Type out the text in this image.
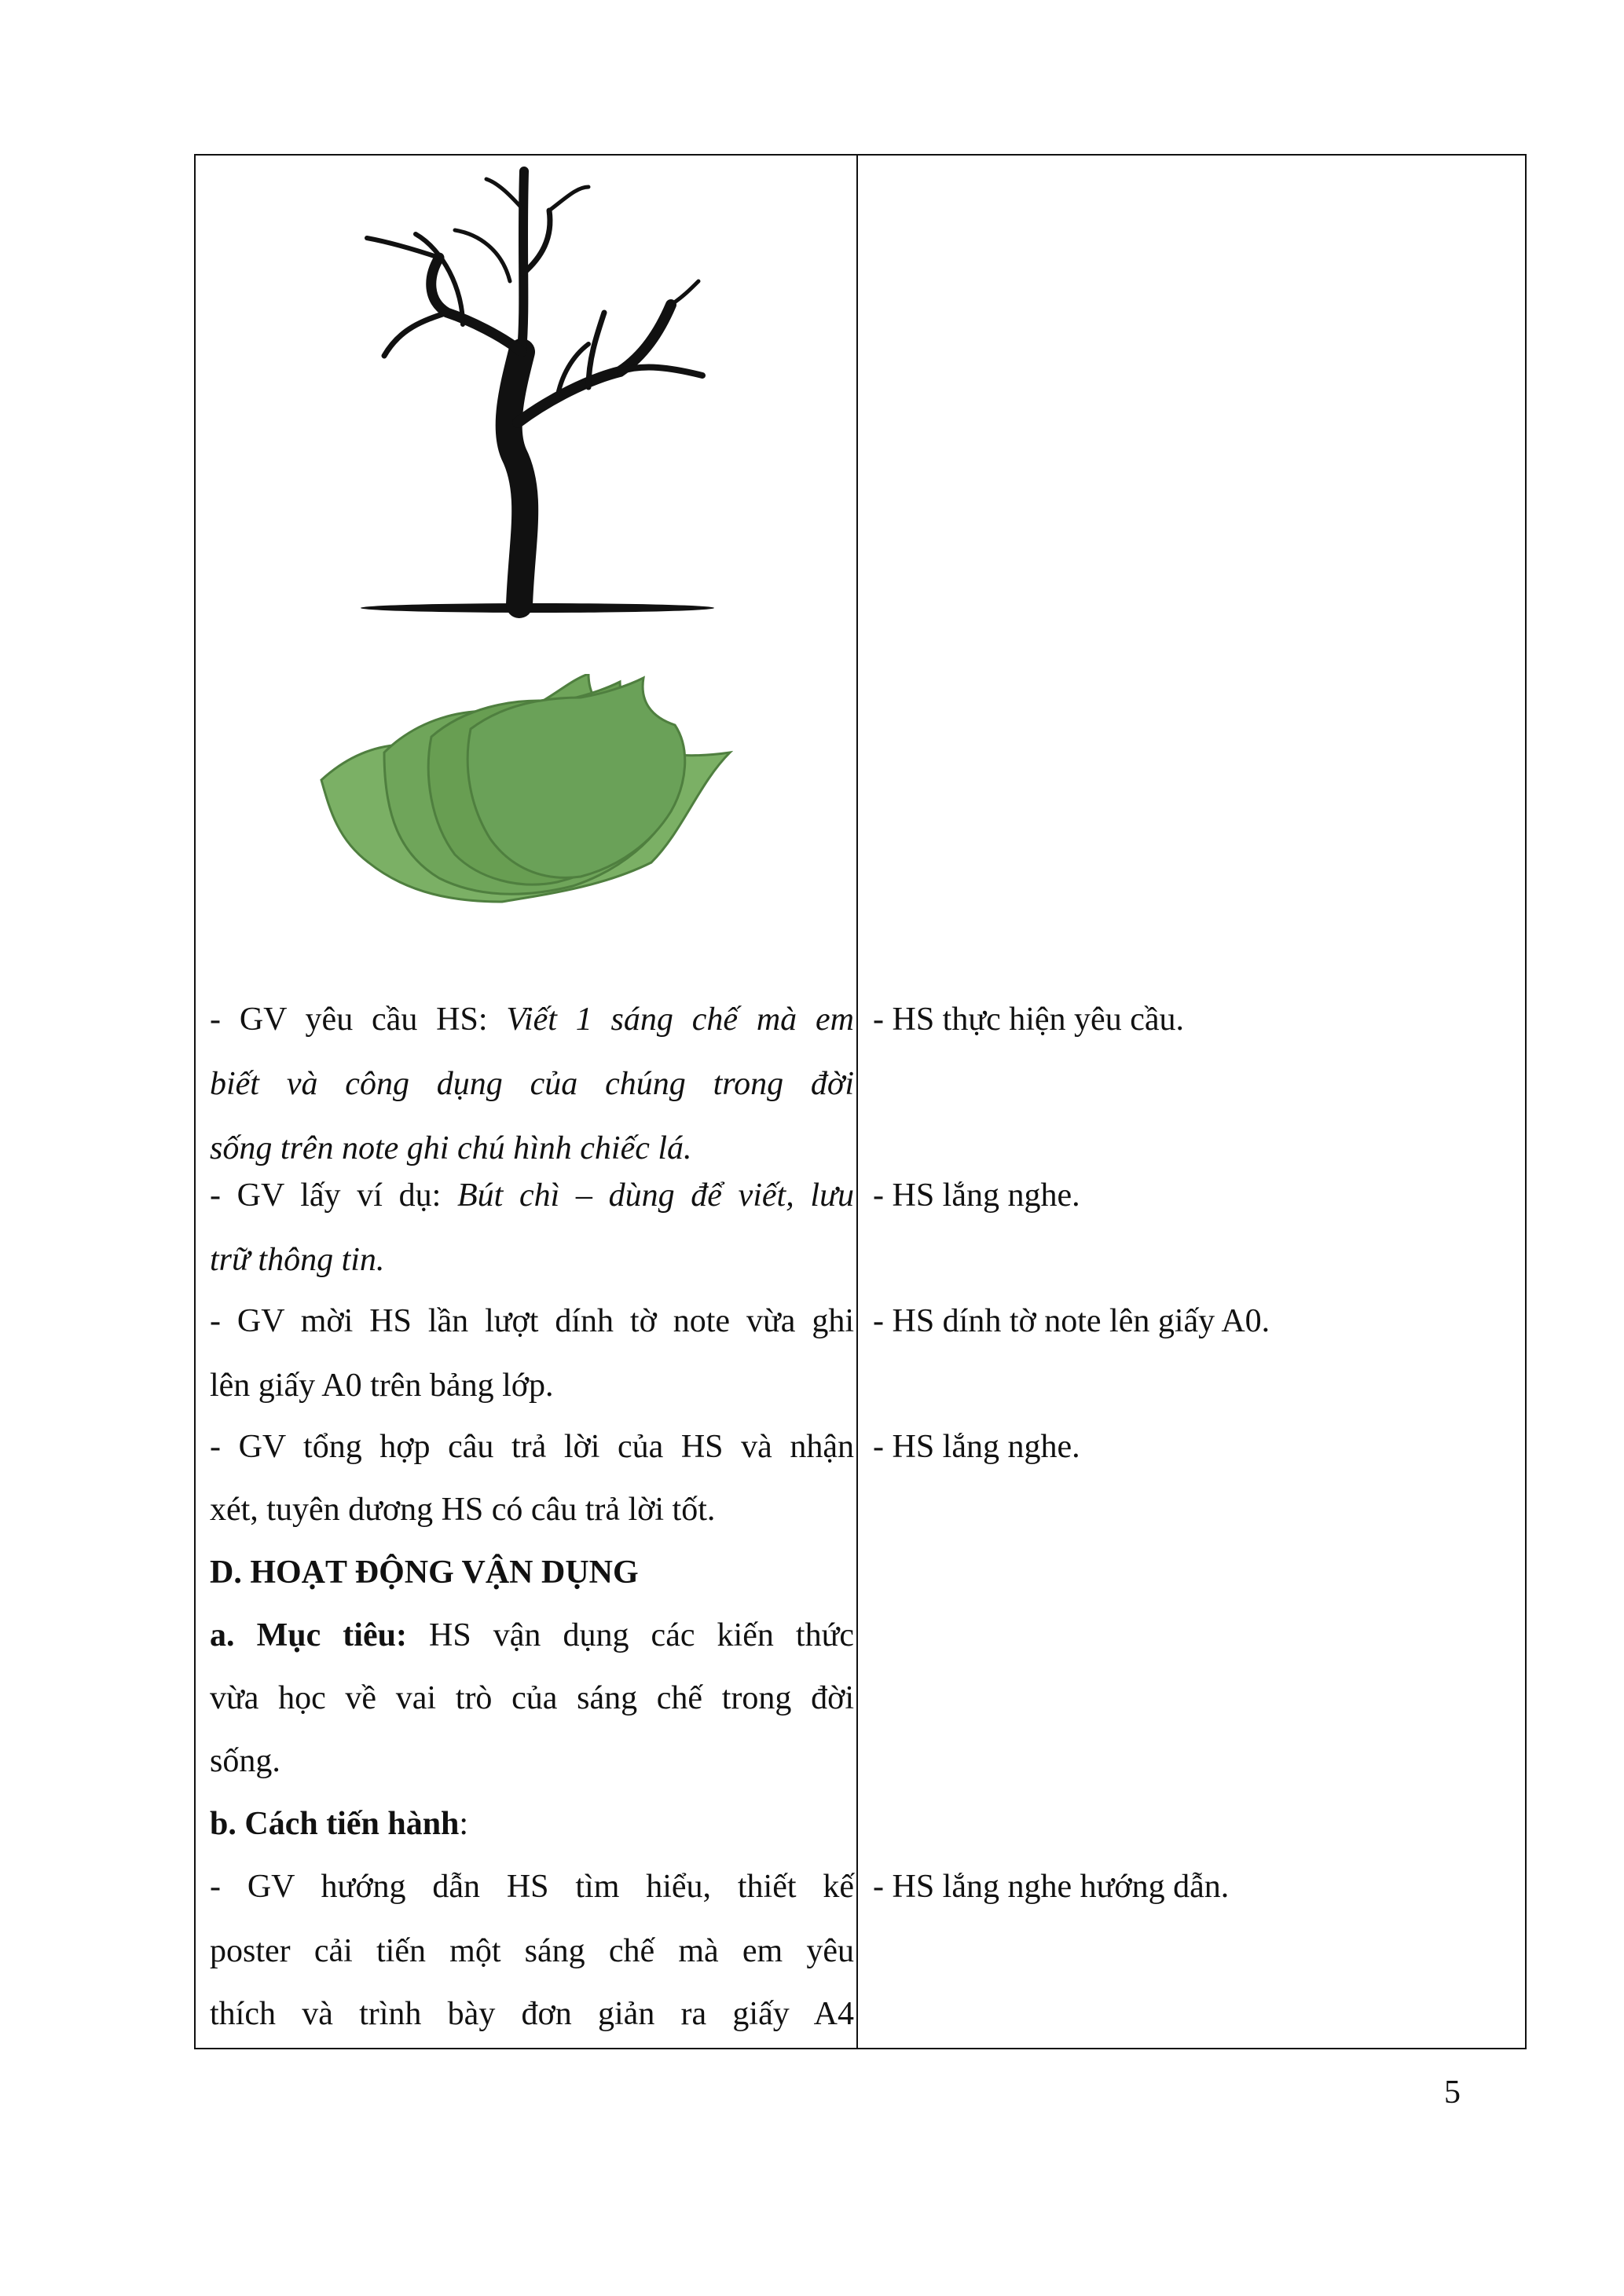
- GV yêu cầu HS: Viết 1 sáng chế mà em
biết và công dụng của chúng trong đời
sống trên note ghi chú hình chiếc lá.
- GV lấy ví dụ: Bút chì – dùng để viết, lưu
trữ thông tin.
- GV mời HS lần lượt dính tờ note vừa ghi
lên giấy A0 trên bảng lớp.
- GV tổng hợp câu trả lời của HS và nhận
xét, tuyên dương HS có câu trả lời tốt.
D. HOẠT ĐỘNG VẬN DỤNG
a. Mục tiêu: HS vận dụng các kiến thức
vừa học về vai trò của sáng chế trong đời
sống.
b. Cách tiến hành:
- GV hướng dẫn HS tìm hiểu, thiết kế
poster cải tiến một sáng chế mà em yêu
thích và trình bày đơn giản ra giấy A4
- HS thực hiện yêu cầu.
- HS lắng nghe.
- HS dính tờ note lên giấy A0.
- HS lắng nghe.
- HS lắng nghe hướng dẫn.
5
